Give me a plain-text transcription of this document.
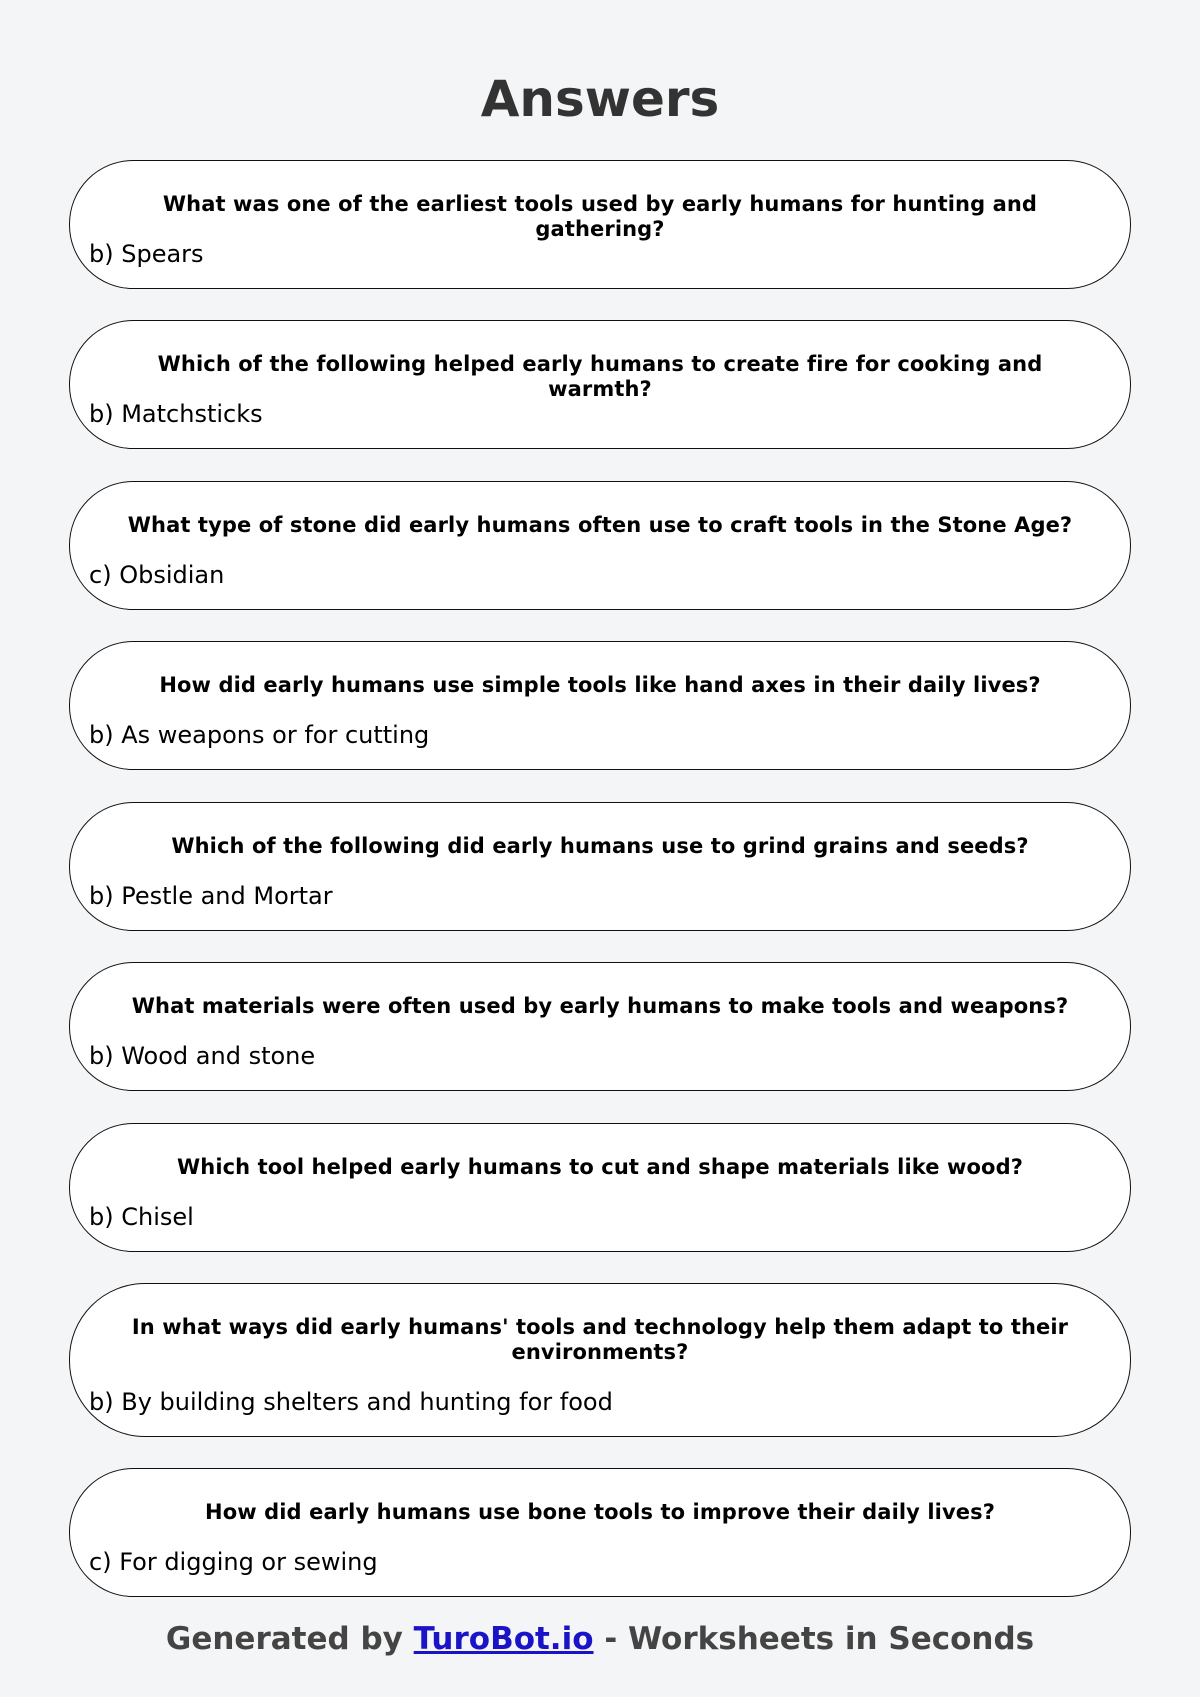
Answers
What was one of the earliest tools used by early humans for hunting and gathering?
b) Spears
Which of the following helped early humans to create fire for cooking and warmth?
b) Matchsticks
What type of stone did early humans often use to craft tools in the Stone Age?
c) Obsidian
How did early humans use simple tools like hand axes in their daily lives?
b) As weapons or for cutting
Which of the following did early humans use to grind grains and seeds?
b) Pestle and Mortar
What materials were often used by early humans to make tools and weapons?
b) Wood and stone
Which tool helped early humans to cut and shape materials like wood?
b) Chisel
In what ways did early humans' tools and technology help them adapt to their environments?
b) By building shelters and hunting for food
How did early humans use bone tools to improve their daily lives?
c) For digging or sewing
Generated by TuroBot.io - Worksheets in Seconds
